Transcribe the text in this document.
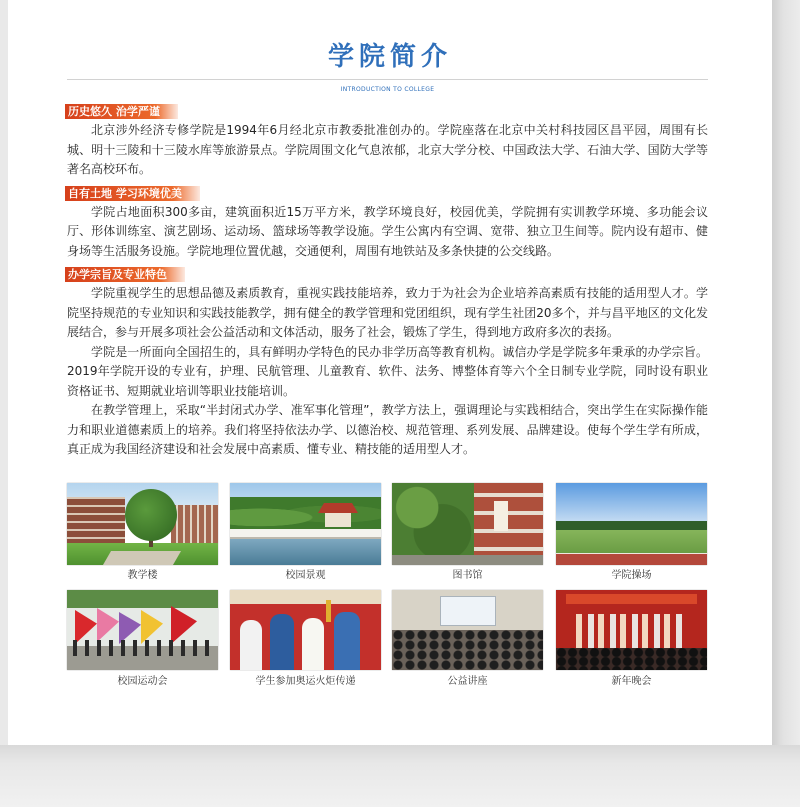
学院简介
INTRODUCTION TO COLLEGE
历史悠久 治学严谨

北京涉外经济专修学院是1994年6月经北京市教委批准创办的。学院座落在北京中关村科技园区昌平园，周围有长城、明十三陵和十三陵水库等旅游景点。学院周围文化气息浓郁，北京大学分校、中国政法大学、石油大学、国防大学等著名高校环布。

自有土地 学习环境优美

学院占地面积300多亩，建筑面积近15万平方米，教学环境良好，校园优美，学院拥有实训教学环境、多功能会议厅、形体训练室、演艺剧场、运动场、篮球场等教学设施。学生公寓内有空调、宽带、独立卫生间等。院内设有超市、健身场等生活服务设施。学院地理位置优越，交通便利，周围有地铁站及多条快捷的公交线路。

办学宗旨及专业特色

学院重视学生的思想品德及素质教育，重视实践技能培养，致力于为社会为企业培养高素质有技能的适用型人才。学院坚持规范的专业知识和实践技能教学，拥有健全的教学管理和党团组织，现有学生社团20多个，并与昌平地区的文化发展结合，参与开展多项社会公益活动和文体活动，服务了社会，锻炼了学生，得到地方政府多次的表扬。

学院是一所面向全国招生的，具有鲜明办学特色的民办非学历高等教育机构。诚信办学是学院多年秉承的办学宗旨。2019年学院开设的专业有，护理、民航管理、儿童教育、软件、法务、博整体育等六个全日制专业学院，同时设有职业资格证书、短期就业培训等职业技能培训。

在教学管理上，采取“半封闭式办学、准军事化管理”，教学方法上，强调理论与实践相结合，突出学生在实际操作能力和职业道德素质上的培养。我们将坚持依法办学、以德治校、规范管理、系列发展、品牌建设。使每个学生学有所成，真正成为我国经济建设和社会发展中高素质、懂专业、精技能的适用型人才。

教学楼	校园景观	图书馆	学院操场
校园运动会	学生参加奥运火炬传递	公益讲座	新年晚会
